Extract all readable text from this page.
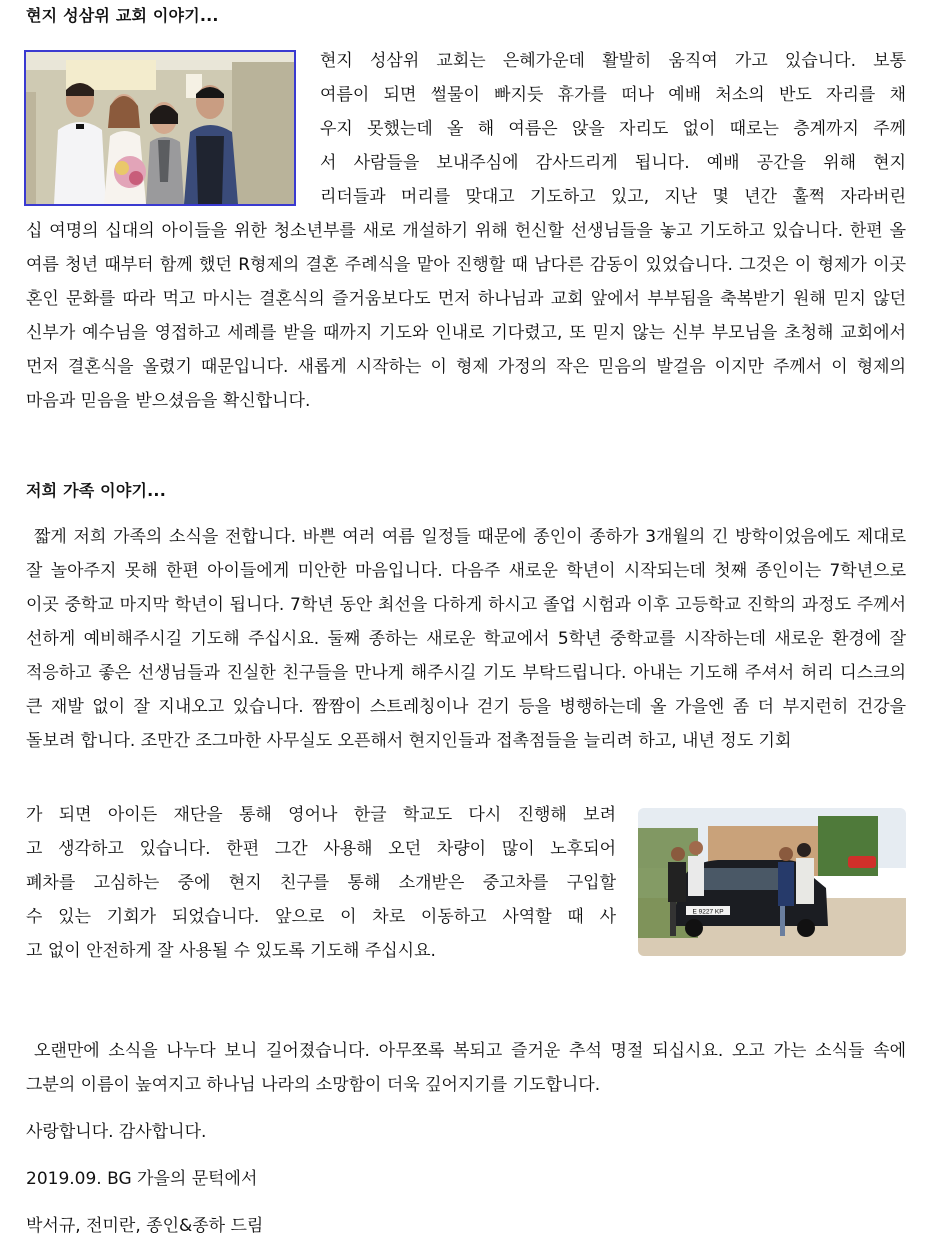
현지 성삼위 교회 이야기...
현지 성삼위 교회는 은혜가운데 활발히 움직여 가고 있습니다. 보통
여름이 되면 썰물이 빠지듯 휴가를 떠나 예배 처소의 반도 자리를 채
우지 못했는데 올 해 여름은 앉을 자리도 없이 때로는 층계까지 주께
서 사람들을 보내주심에 감사드리게 됩니다. 예배 공간을 위해 현지
리더들과 머리를 맞대고 기도하고 있고, 지난 몇 년간 훌쩍 자라버린

십 여명의 십대의 아이들을 위한 청소년부를 새로 개설하기 위해 헌신할 선생님들을 놓고 기도하고 있습니다. 한편 올 여름 청년 때부터 함께 했던 R형제의 결혼 주례식을 맡아 진행할 때 남다른 감동이 있었습니다. 그것은 이 형제가 이곳 혼인 문화를 따라 먹고 마시는 결혼식의 즐거움보다도 먼저 하나님과 교회 앞에서 부부됨을 축복받기 원해 믿지 않던 신부가 예수님을 영접하고 세례를 받을 때까지 기도와 인내로 기다렸고, 또 믿지 않는 신부 부모님을 초청해 교회에서 먼저 결혼식을 올렸기 때문입니다. 새롭게 시작하는 이 형제 가정의 작은 믿음의 발걸음 이지만 주께서 이 형제의 마음과 믿음을 받으셨음을 확신합니다.

저희 가족 이야기...

짧게 저희 가족의 소식을 전합니다. 바쁜 여러 여름 일정들 때문에 종인이 종하가 3개월의 긴 방학이었음에도 제대로 잘 놀아주지 못해 한편 아이들에게 미안한 마음입니다. 다음주 새로운 학년이 시작되는데 첫째 종인이는 7학년으로 이곳 중학교 마지막 학년이 됩니다. 7학년 동안 최선을 다하게 하시고 졸업 시험과 이후 고등학교 진학의 과정도 주께서 선하게 예비해주시길 기도해 주십시요. 둘째 종하는 새로운 학교에서 5학년 중학교를 시작하는데 새로운 환경에 잘 적응하고 좋은 선생님들과 진실한 친구들을 만나게 해주시길 기도 부탁드립니다. 아내는 기도해 주셔서 허리 디스크의 큰 재발 없이 잘 지내오고 있습니다. 짬짬이 스트레칭이나 걷기 등을 병행하는데 올 가을엔 좀 더 부지런히 건강을 돌보려 합니다. 조만간 조그마한 사무실도 오픈해서 현지인들과 접촉점들을 늘리려 하고, 내년 정도 기회

가 되면 아이든 재단을 통해 영어나 한글 학교도 다시 진행해 보려
고 생각하고 있습니다. 한편 그간 사용해 오던 차량이 많이 노후되어
폐차를 고심하는 중에 현지 친구를 통해 소개받은 중고차를 구입할
수 있는 기회가 되었습니다. 앞으로 이 차로 이동하고 사역할 때 사
고 없이 안전하게 잘 사용될 수 있도록 기도해 주십시요.
E 9227 KP

오랜만에 소식을 나누다 보니 길어졌습니다. 아무쪼록 복되고 즐거운 추석 명절 되십시요. 오고 가는 소식들 속에 그분의 이름이 높여지고 하나님 나라의 소망함이 더욱 깊어지기를 기도합니다.

사랑합니다. 감사합니다.

2019.09. BG 가을의 문턱에서

박서규, 전미란, 종인&종하 드림
